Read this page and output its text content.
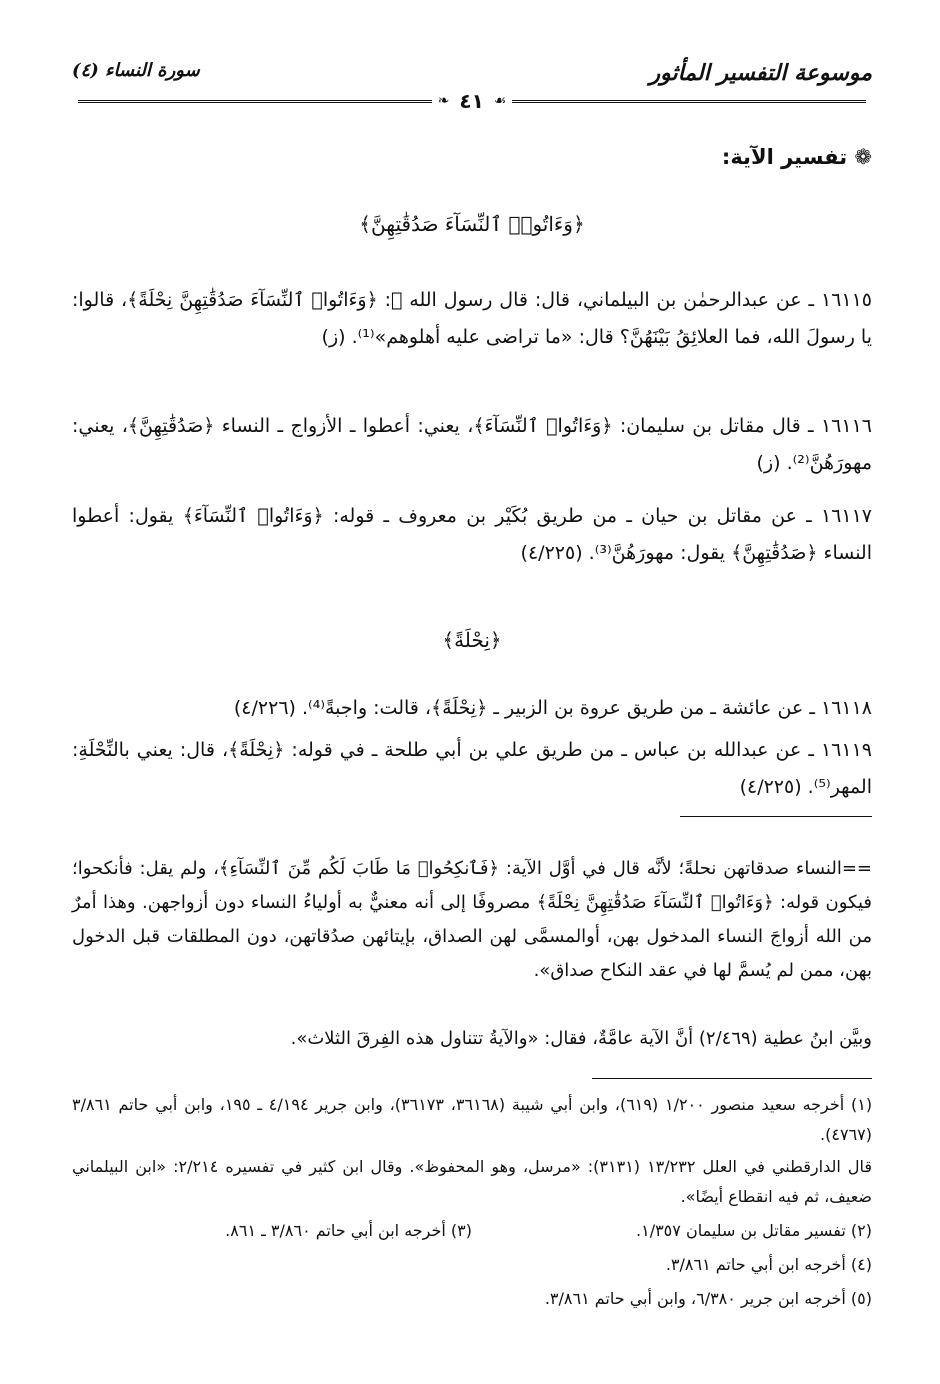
موسوعة التفسير المأثور
سورة النساء (٤)
☙
٤١
❧
❁ تفسير الآية:
﴿وَءَاتُوا۟ ٱلنِّسَآءَ صَدُقَٰتِهِنَّ﴾
١٦١١٥ ـ عن عبدالرحمٰن بن البيلماني، قال: قال رسول الله ﷺ: ﴿وَءَاتُوا۟ ٱلنِّسَآءَ صَدُقَٰتِهِنَّ نِحْلَةً﴾، قالوا: يا رسولَ الله، فما العلائِقُ بَيْنَهُنَّ؟ قال: «ما تراضى عليه أهلوهم»⁽¹⁾. (ز)
١٦١١٦ ـ قال مقاتل بن سليمان: ﴿وَءَاتُوا۟ ٱلنِّسَآءَ﴾، يعني: أعطوا ـ الأزواج ـ النساء ﴿صَدُقَٰتِهِنَّ﴾، يعني: مهورَهُنَّ⁽²⁾. (ز)
١٦١١٧ ـ عن مقاتل بن حيان ـ من طريق بُكَيْر بن معروف ـ قوله: ﴿وَءَاتُوا۟ ٱلنِّسَآءَ﴾ يقول: أعطوا النساء ﴿صَدُقَٰتِهِنَّ﴾ يقول: مهورَهُنَّ⁽³⁾. (٤/٢٢٥)
﴿نِحْلَةً﴾
١٦١١٨ ـ عن عائشة ـ من طريق عروة بن الزبير ـ ﴿نِحْلَةً﴾، قالت: واجبةً⁽⁴⁾. (٤/٢٢٦)
١٦١١٩ ـ عن عبدالله بن عباس ـ من طريق علي بن أبي طلحة ـ في قوله: ﴿نِحْلَةً﴾، قال: يعني بالنِّحْلَةِ: المهر⁽⁵⁾. (٤/٢٢٥)
==النساء صدقاتهن نحلةً؛ لأنَّه قال في أوَّل الآية: ﴿فَٱنكِحُوا۟ مَا طَابَ لَكُم مِّنَ ٱلنِّسَآءِ﴾، ولم يقل: فأنكحوا؛ فيكون قوله: ﴿وَءَاتُوا۟ ٱلنِّسَآءَ صَدُقَٰتِهِنَّ نِحْلَةً﴾ مصروفًا إلى أنه معنيٌّ به أولياءُ النساء دون أزواجهن. وهذا أمرٌ من الله أزواجَ النساء المدخول بهن، أوالمسمَّى لهن الصداق، بإيتائهن صدُقاتهن، دون المطلقات قبل الدخول بهن، ممن لم يُسمَّ لها في عقد النكاح صداق».
وبيَّن ابنُ عطية (٢/٤٦٩) أنَّ الآية عامَّةٌ، فقال: «والآيةُ تتناول هذه الفِرقَ الثلاث».
(١) أخرجه سعيد منصور ١/٢٠٠ (٦١٩)، وابن أبي شيبة (٣٦١٦٨، ٣٦١٧٣)، وابن جرير ٤/١٩٤ ـ ١٩٥، وابن أبي حاتم ٣/٨٦١ (٤٧٦٧).
قال الدارقطني في العلل ١٣/٢٣٢ (٣١٣١): «مرسل، وهو المحفوظ». وقال ابن كثير في تفسيره ٢/٢١٤: «ابن البيلماني ضعيف، ثم فيه انقطاع أيضًا».
(٢) تفسير مقاتل بن سليمان ١/٣٥٧.
(٣) أخرجه ابن أبي حاتم ٣/٨٦٠ ـ ٨٦١.
(٤) أخرجه ابن أبي حاتم ٣/٨٦١.
(٥) أخرجه ابن جرير ٦/٣٨٠، وابن أبي حاتم ٣/٨٦١.
